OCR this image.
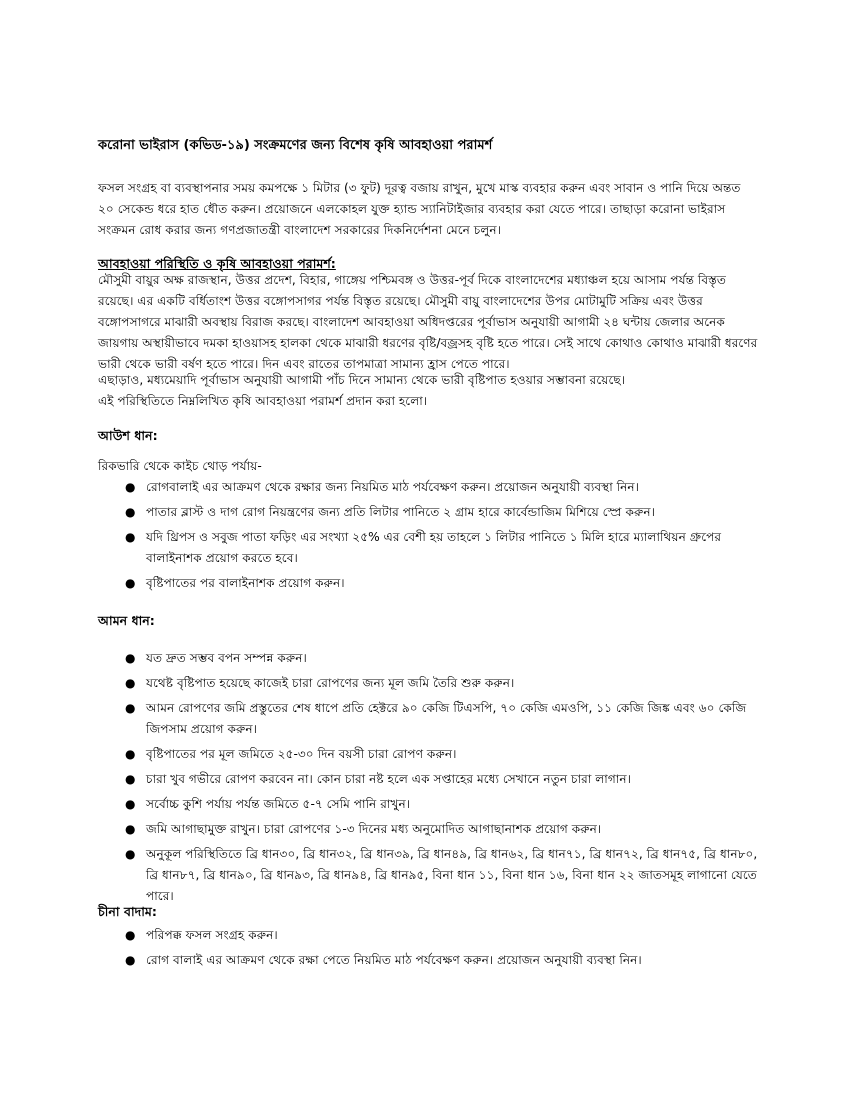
করোনা ভাইরাস (কভিড-১৯) সংক্রমণের জন্য বিশেষ কৃষি আবহাওয়া পরামর্শ
ফসল সংগ্রহ বা ব্যবস্থাপনার সময় কমপক্ষে ১ মিটার (৩ ফুট) দূরত্ব বজায় রাখুন, মুখে মাস্ক ব্যবহার করুন এবং সাবান ও পানি দিয়ে অন্তত ২০ সেকেন্ড ধরে হাত ধৌত করুন। প্রয়োজনে এলকোহল যুক্ত হ্যান্ড স্যানিটাইজার ব্যবহার করা যেতে পারে। তাছাড়া করোনা ভাইরাস সংক্রমন রোধ করার জন্য গণপ্রজাতন্ত্রী বাংলাদেশ সরকারের দিকনির্দেশনা মেনে চলুন।
আবহাওয়া পরিস্থিতি ও কৃষি আবহাওয়া পরামর্শ:
মৌসুমী বায়ুর অক্ষ রাজস্থান, উত্তর প্রদেশ, বিহার, গাঙ্গেয় পশ্চিমবঙ্গ ও উত্তর-পূর্ব দিকে বাংলাদেশের মধ্যাঞ্চল হয়ে আসাম পর্যন্ত বিস্তৃত রয়েছে। এর একটি বর্ধিতাংশ উত্তর বঙ্গোপসাগর পর্যন্ত বিস্তৃত রয়েছে। মৌসুমী বায়ু বাংলাদেশের উপর মোটামুটি সক্রিয় এবং উত্তর বঙ্গোপসাগরে মাঝারী অবস্থায় বিরাজ করছে। বাংলাদেশ আবহাওয়া অধিদপ্তরের পূর্বাভাস অনুযায়ী আগামী ২৪ ঘন্টায় জেলার অনেক জায়গায় অস্থায়ীভাবে দমকা হাওয়াসহ হালকা থেকে মাঝারী ধরণের বৃষ্টি/বজ্রসহ বৃষ্টি হতে পারে। সেই সাথে কোথাও কোথাও মাঝারী ধরণের ভারী থেকে ভারী বর্ষণ হতে পারে। দিন এবং রাতের তাপমাত্রা সামান্য হ্রাস পেতে পারে।
এছাড়াও, মধ্যমেয়াদি পূর্বাভাস অনুযায়ী আগামী পাঁচ দিনে সামান্য থেকে ভারী বৃষ্টিপাত হওয়ার সম্ভাবনা রয়েছে।
এই পরিস্থিতিতে নিম্নলিখিত কৃষি আবহাওয়া পরামর্শ প্রদান করা হলো।
আউশ ধান:
রিকভারি থেকে কাইচ থোড় পর্যায়-
● রোগবালাই এর আক্রমণ থেকে রক্ষার জন্য নিয়মিত মাঠ পর্যবেক্ষণ করুন। প্রয়োজন অনুযায়ী ব্যবস্থা নিন।
● পাতার ব্লাস্ট ও দাগ রোগ নিয়ন্ত্রণের জন্য প্রতি লিটার পানিতে ২ গ্রাম হারে কার্বেন্ডাজিম মিশিয়ে স্প্রে করুন।
● যদি থ্রিপস ও সবুজ পাতা ফড়িং এর সংখ্যা ২৫% এর বেশী হয় তাহলে ১ লিটার পানিতে ১ মিলি হারে ম্যালাথিয়ন গ্রুপের বালাইনাশক প্রয়োগ করতে হবে।
● বৃষ্টিপাতের পর বালাইনাশক প্রয়োগ করুন।
আমন ধান:
● যত দ্রুত সম্ভব বপন সম্পন্ন করুন।
● যথেষ্ট বৃষ্টিপাত হয়েছে কাজেই চারা রোপণের জন্য মূল জমি তৈরি শুরু করুন।
● আমন রোপণের জমি প্রস্তুতের শেষ ধাপে প্রতি হেক্টরে ৯০ কেজি টিএসপি, ৭০ কেজি এমওপি, ১১ কেজি জিঙ্ক এবং ৬০ কেজি জিপসাম প্রয়োগ করুন।
● বৃষ্টিপাতের পর মূল জমিতে ২৫-৩০ দিন বয়সী চারা রোপণ করুন।
● চারা খুব গভীরে রোপণ করবেন না। কোন চারা নষ্ট হলে এক সপ্তাহের মধ্যে সেখানে নতুন চারা লাগান।
● সর্বোচ্চ কুশি পর্যায় পর্যন্ত জমিতে ৫-৭ সেমি পানি রাখুন।
● জমি আগাছামুক্ত রাখুন। চারা রোপণের ১-৩ দিনের মধ্য অনুমোদিত আগাছানাশক প্রয়োগ করুন।
● অনুকূল পরিস্থিতিতে ব্রি ধান৩০, ব্রি ধান৩২, ব্রি ধান৩৯, ব্রি ধান৪৯, ব্রি ধান৬২, ব্রি ধান৭১, ব্রি ধান৭২, ব্রি ধান৭৫, ব্রি ধান৮০, ব্রি ধান৮৭, ব্রি ধান৯০, ব্রি ধান৯৩, ব্রি ধান৯৪, ব্রি ধান৯৫, বিনা ধান ১১, বিনা ধান ১৬, বিনা ধান ২২ জাতসমূহ লাগানো যেতে পারে।
চীনা বাদাম:
● পরিপক্ক ফসল সংগ্রহ করুন।
● রোগ বালাই এর আক্রমণ থেকে রক্ষা পেতে নিয়মিত মাঠ পর্যবেক্ষণ করুন। প্রয়োজন অনুযায়ী ব্যবস্থা নিন।
